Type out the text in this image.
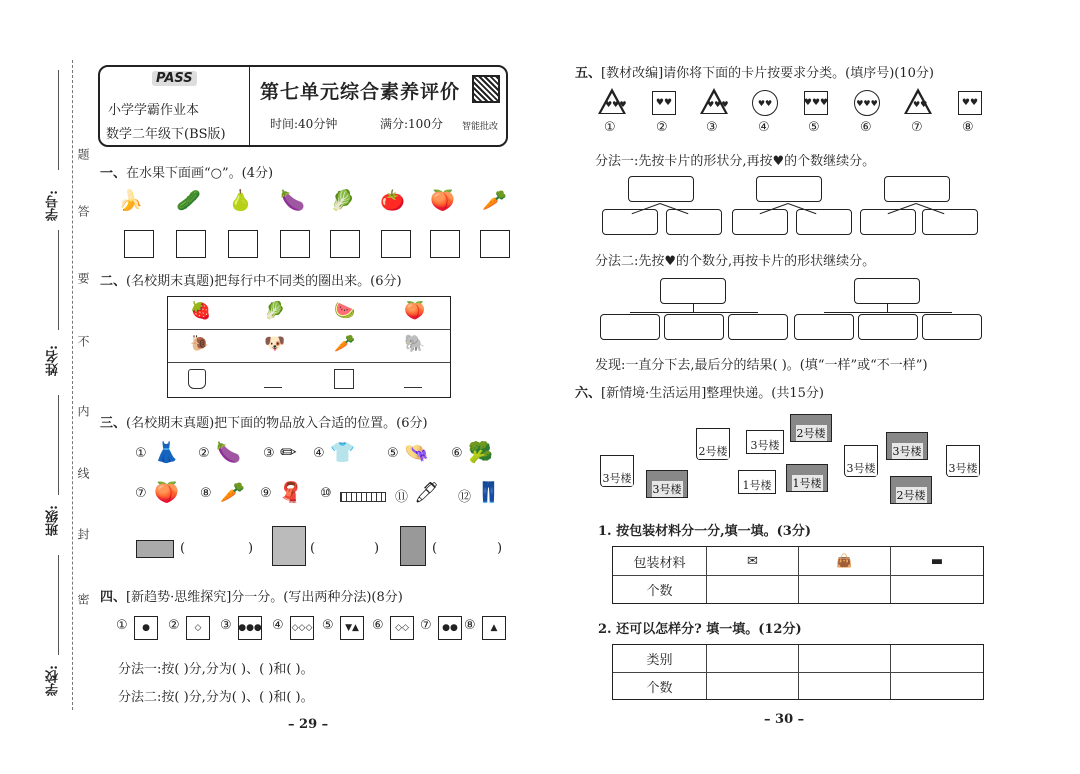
题
答
要
不
内
线
封
密
学号:
姓名:
班级:
学校:
PASS
小学学霸作业本
数学二年级下(BS版)
第七单元综合素养评价
时间:40分钟	满分:100分 智能批改
一、在水果下面画“○”。(4分)
🍌 🥒 🍐 🍆 🥬 🍅 🍑 🥕
二、(名校期末真题)把每行中不同类的圈出来。(6分)
🍓	🥬	🍉	🍑
🐌	🐶	🥕	🐘
三、(名校期末真题)把下面的物品放入合适的位置。(6分)
① 👗 ② 🍆 ③ ✏ ④ 👕 ⑤ 👒 ⑥ 🥦
⑦ 🍑 ⑧ 🥕 ⑨ 🧣 ⑩	⑪ 🖊 ⑫ 👖
(	)	(	)	(	)
四、[新趋势·思维探究]分一分。(写出两种分法)(8分)
①	●	②	◇	③ ●●● ④ ◇◇◇ ⑤	▼▲	⑥	◇◇ ⑦	●● ⑧	▲
分法一:按( )分,分为( )、( )和( )。
分法二:按( )分,分为( )、( )和( )。
– 29 –
五、[教材改编]请你将下面的卡片按要求分类。(填序号)(10分)
♥♥♥
①
♥♥
②
♥♥♥
③
♥♥
④
♥♥♥
⑤
♥♥♥
⑥
♥♥
⑦
♥♥
⑧
分法一:先按卡片的形状分,再按♥的个数继续分。
分法二:先按♥的个数分,再按卡片的形状继续分。
发现:一直分下去,最后分的结果( )。(填“一样”或“不一样”)
六、[新情境·生活运用]整理快递。(共15分)
3号楼
2号楼 3号楼
2号楼
1号楼 1号楼
3号楼
3号楼
2号楼
3号楼
3号楼
1. 按包装材料分一分,填一填。(3分)
包装材料	✉	👜	▬
个数
2. 还可以怎样分? 填一填。(12分)
类别
个数
– 30 –
